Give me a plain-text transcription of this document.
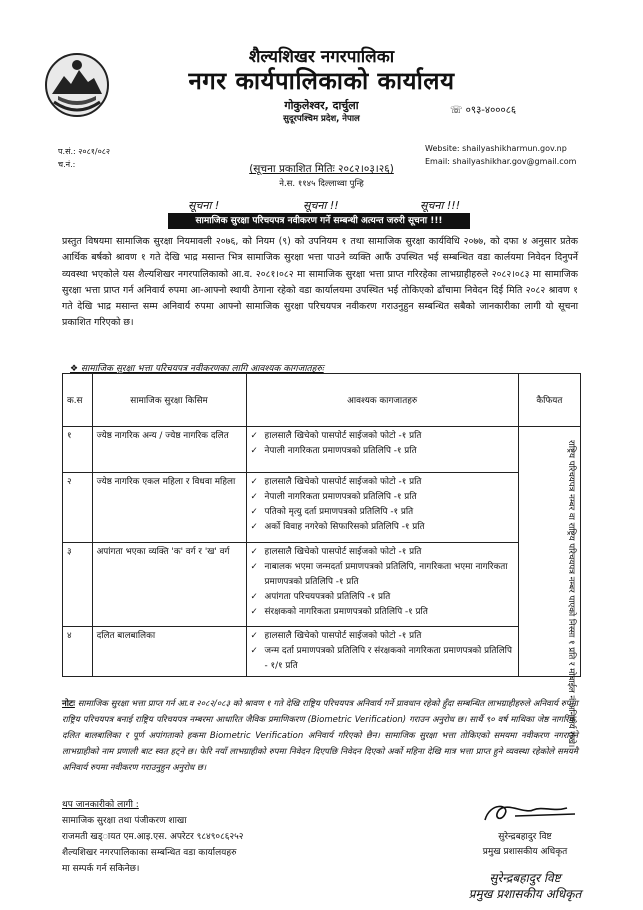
शैल्यशिखर नगरपालिका
नगर कार्यपालिकाको कार्यालय
गोकुलेश्वर, दार्चुला
सुदूरपश्चिम प्रदेश, नेपाल
☏ ०९३-४०००८६
Website: shailyashikharmun.gov.np
Email: shailyashikhar.gov@gmail.com
प.सं.: २०८१/०८२
च.नं.:	(सूचना प्रकाशित मितिः २०८२।०३।२६)
ने.स. ११४५ दिल्लाथ्वा पुन्हि
सूचना !	सूचना !!	सूचना !!!
सामाजिक सुरक्षा परिचयपत्र नवीकरण गर्ने सम्बन्धी अत्यन्त जरुरी सूचना !!!
प्रस्तुत विषयमा सामाजिक सुरक्षा नियमावली २०७६, को नियम (९) को उपनियम १ तथा सामाजिक सुरक्षा कार्यविधि २०७७, को दफा ४ अनुसार प्रतेक आर्थिक बर्षको श्रावण १ गते देखि भाद्र मसान्त भित्र सामाजिक सुरक्षा भत्ता पाउने व्यक्ति आफैं उपस्थित भई सम्बन्धित वडा कार्लयमा निवेदन दिनुपर्ने व्यवस्था भएकोले यस शैल्यशिखर नगरपालिकाको आ.व. २०८१।०८२ मा सामाजिक सुरक्षा भत्ता प्राप्त गरिरहेका लाभग्राहीहरुले २०८२।०८३ मा सामाजिक सुरक्षा भत्ता प्राप्त गर्न अनिवार्य रुपमा आ-आफ्नो स्थायी ठेगाना रहेको वडा कार्यालयमा उपस्थित भई तोकिएको ढाँचामा निवेदन दिई मिति २०८२ श्रावण १ गते देखि भाद्र मसान्त सम्म अनिवार्य रुपमा आफ्नो सामाजिक सुरक्षा परिचयपत्र नवीकरण गराउनुहुन सम्बन्धित सबैको जानकारीका लागी यो सूचना प्रकाशित गरिएको छ।
❖ सामाजिक सुरक्षा भत्ता परिचयपत्र नवीकरणका लागि आवश्यक कागजातहरुः
क.स	सामाजिक सुरक्षा किसिम	आवश्यक कागजातहरु	कैफियत
१	ज्येष्ठ नागरिक अन्य / ज्येष्ठ नागरिक दलित	✓ हालसालै खिचेको पासपोर्ट साईजको फोटो -१ प्रति
✓ नेपाली नागरिकता प्रमाणपत्रको प्रतिलिपि -१ प्रति

२	ज्येष्ठ नागरिक एकल महिला र विधवा महिला	✓ हालसालै खिचेको पासपोर्ट साईजको फोटो -१ प्रति
✓ नेपाली नागरिकता प्रमाणपत्रको प्रतिलिपि -१ प्रति
✓ पतिको मृत्यु दर्ता प्रमाणपत्रको प्रतिलिपि -१ प्रति
✓ अर्को विवाह नगरेको सिफारिसको प्रतिलिपि -१ प्रति

३	अपांगता भएका व्यक्ति 'क' वर्ग र 'ख' वर्ग	✓ हालसालै खिचेको पासपोर्ट साईजको फोटो -१ प्रति
✓ नाबालक भएमा जन्मदर्ता प्रमाणपत्रको प्रतिलिपि, नागरिकता भएमा नागरिकता प्रमाणपत्रको प्रतिलिपि -१ प्रति
✓ अपांगता परिचयपत्रको प्रतिलिपि -१ प्रति
✓ संरक्षकको नागरिकता प्रमाणपत्रको प्रतिलिपि -१ प्रति

४	दलित बालबालिका	✓ हालसालै खिचेको पासपोर्ट साईजको फोटो -१ प्रति
✓ जन्म दर्ता प्रमाणपत्रको प्रतिलिपि र संरक्षकको नागरिकता प्रमाणपत्रको प्रतिलिपि - १/१ प्रति	राष्ट्रिय परिचयपत्र नम्बर वा राष्ट्रिय परिचयपत्र नम्बर पाएको निस्सा १ प्रति र मोबाईल नं अनिवार्य राखे।
नोटः सामाजिक सुरक्षा भत्ता प्राप्त गर्न आ.व २०८२/०८३ को श्रावण १ गते देखि राष्ट्रिय परिचयपत्र अनिवार्य गर्ने प्रावधान रहेको हुँदा सम्बन्धित लाभग्राहीहरुले अनिवार्य रुपमा राष्ट्रिय परिचयपत्र बनाई राष्ट्रिय परिचयपत्र नम्बरमा आधारित जैविक प्रमाणिकरण (Biometric Verification) गराउन अनुरोध छ। सार्थै ९० वर्ष माथिका जेष्ठ नागरिक, दलित बालबालिका र पूर्ण अपांगताको हकमा Biometric Verification अनिवार्य गरिएको छैन। सामाजिक सुरक्षा भत्ता तोकिएको समयमा नवीकरण नगराउने लाभग्राहीको नाम प्रणाली बाट स्वत हट्ने छ। फेरि नयाँ लाभग्राहीको रुपमा निवेदन दिएपछि निवेदन दिएको अर्को महिना देखि मात्र भत्ता प्राप्त हुने व्यवस्था रहेकोले समयमै अनिवार्य रुपमा नवीकरण गराउनुहुन अनुरोध छ।
थप जानकारीको लागी :
सामाजिक सुरक्षा तथा पंजीकरण शाखा
राजमती खड्ायत एम.आइ.एस. अपरेटर ९८४९०८६२५२
शैल्यशिखर नगरपालिकाका सम्बन्धित वडा कार्यालयहरु
मा सम्पर्क गर्न सकिनेछ।
सुरेन्द्रबहादुर विष्ट
प्रमुख प्रशासकीय अधिकृत
सुरेन्द्रबहादुर विष्ट
प्रमुख प्रशासकीय अधिकृत
